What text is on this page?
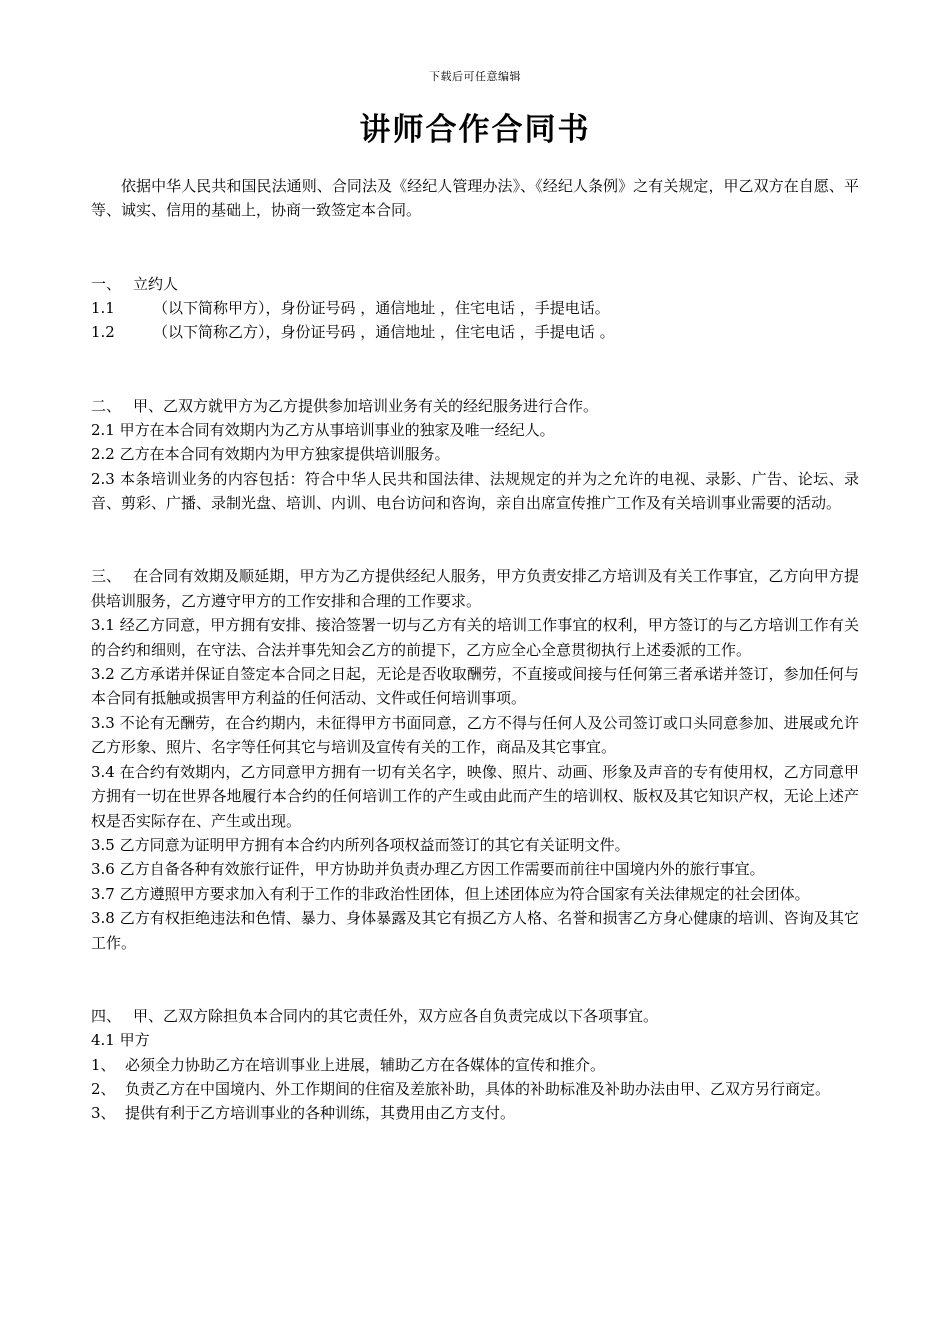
下载后可任意编辑
讲师合作合同书

依据中华人民共和国民法通则、合同法及《经纪人管理办法》、《经纪人条例》之有关规定，甲乙双方在自愿、平等、诚实、信用的基础上，协商一致签定本合同。

一、 立约人

1.1	（以下简称甲方），身份证号码 ，通信地址 ，住宅电话 ，手提电话。

1.2	（以下简称乙方），身份证号码 ，通信地址 ，住宅电话 ，手提电话 。

二、 甲、乙双方就甲方为乙方提供参加培训业务有关的经纪服务进行合作。

2.1 甲方在本合同有效期内为乙方从事培训事业的独家及唯一经纪人。

2.2 乙方在本合同有效期内为甲方独家提供培训服务。

2.3 本条培训业务的内容包括：符合中华人民共和国法律、法规规定的并为之允许的电视、录影、广告、论坛、录音、剪彩、广播、录制光盘、培训、内训、电台访问和咨询，亲自出席宣传推广工作及有关培训事业需要的活动。

三、 在合同有效期及顺延期，甲方为乙方提供经纪人服务，甲方负责安排乙方培训及有关工作事宜，乙方向甲方提供培训服务，乙方遵守甲方的工作安排和合理的工作要求。

3.1 经乙方同意，甲方拥有安排、接洽签署一切与乙方有关的培训工作事宜的权利，甲方签订的与乙方培训工作有关的合约和细则，在守法、合法并事先知会乙方的前提下，乙方应全心全意贯彻执行上述委派的工作。

3.2 乙方承诺并保证自签定本合同之日起，无论是否收取酬劳，不直接或间接与任何第三者承诺并签订，参加任何与本合同有抵触或损害甲方利益的任何活动、文件或任何培训事项。

3.3 不论有无酬劳，在合约期内，未征得甲方书面同意，乙方不得与任何人及公司签订或口头同意参加、进展或允许乙方形象、照片、名字等任何其它与培训及宣传有关的工作，商品及其它事宜。

3.4 在合约有效期内，乙方同意甲方拥有一切有关名字，映像、照片、动画、形象及声音的专有使用权，乙方同意甲方拥有一切在世界各地履行本合约的任何培训工作的产生或由此而产生的培训权、版权及其它知识产权，无论上述产权是否实际存在、产生或出现。

3.5 乙方同意为证明甲方拥有本合约内所列各项权益而签订的其它有关证明文件。

3.6 乙方自备各种有效旅行证件，甲方协助并负责办理乙方因工作需要而前往中国境内外的旅行事宜。

3.7 乙方遵照甲方要求加入有利于工作的非政治性团体，但上述团体应为符合国家有关法律规定的社会团体。

3.8 乙方有权拒绝违法和色情、暴力、身体暴露及其它有损乙方人格、名誉和损害乙方身心健康的培训、咨询及其它工作。

四、 甲、乙双方除担负本合同内的其它责任外，双方应各自负责完成以下各项事宜。

4.1 甲方

1、 必须全力协助乙方在培训事业上进展，辅助乙方在各媒体的宣传和推介。

2、 负责乙方在中国境内、外工作期间的住宿及差旅补助，具体的补助标准及补助办法由甲、乙双方另行商定。

3、 提供有利于乙方培训事业的各种训练，其费用由乙方支付。
